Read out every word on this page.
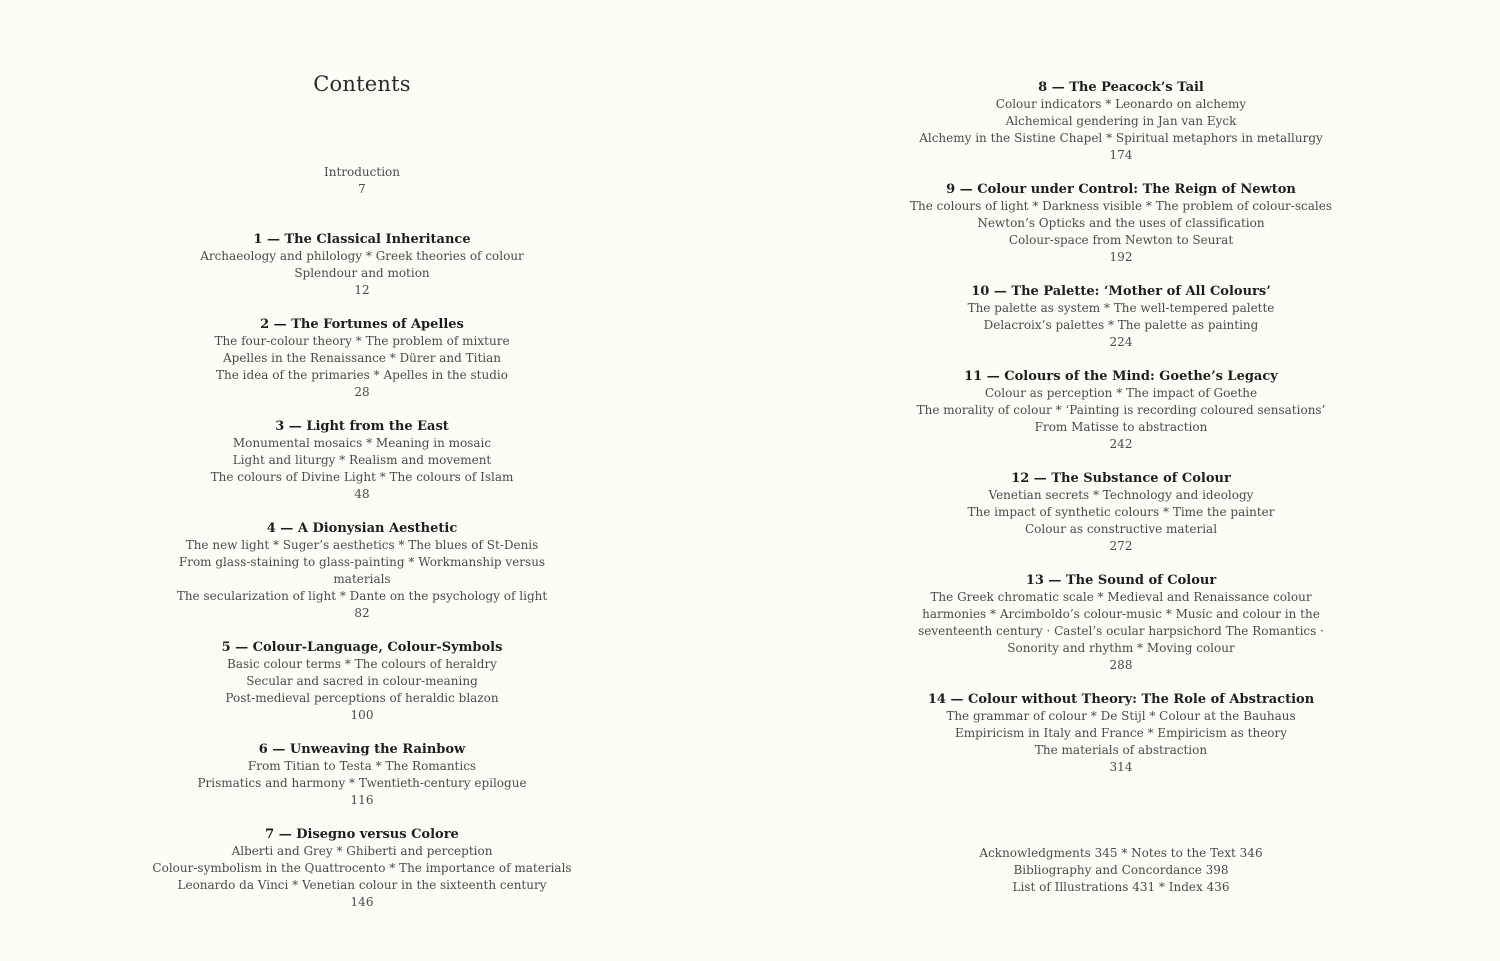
Contents
Introduction
7
1 — The Classical Inheritance
Archaeology and philology * Greek theories of colour
Splendour and motion
12
2 — The Fortunes of Apelles
The four-colour theory * The problem of mixture
Apelles in the Renaissance * Dürer and Titian
The idea of the primaries * Apelles in the studio
28
3 — Light from the East
Monumental mosaics * Meaning in mosaic
Light and liturgy * Realism and movement
The colours of Divine Light * The colours of Islam
48
4 — A Dionysian Aesthetic
The new light * Suger’s aesthetics * The blues of St-Denis
From glass-staining to glass-painting * Workmanship versus materials
The secularization of light * Dante on the psychology of light
82
5 — Colour-Language, Colour-Symbols
Basic colour terms * The colours of heraldry
Secular and sacred in colour-meaning
Post-medieval perceptions of heraldic blazon
100
6 — Unweaving the Rainbow
From Titian to Testa * The Romantics
Prismatics and harmony * Twentieth-century epilogue
116
7 — Disegno versus Colore
Alberti and Grey * Ghiberti and perception
Colour-symbolism in the Quattrocento * The importance of materials
Leonardo da Vinci * Venetian colour in the sixteenth century
146
8 — The Peacock’s Tail
Colour indicators * Leonardo on alchemy
Alchemical gendering in Jan van Eyck
Alchemy in the Sistine Chapel * Spiritual metaphors in metallurgy
174
9 — Colour under Control: The Reign of Newton
The colours of light * Darkness visible * The problem of colour-scales
Newton’s Opticks and the uses of classification
Colour-space from Newton to Seurat
192
10 — The Palette: ‘Mother of All Colours’
The palette as system * The well-tempered palette
Delacroix’s palettes * The palette as painting
224
11 — Colours of the Mind: Goethe’s Legacy
Colour as perception * The impact of Goethe
The morality of colour * ‘Painting is recording coloured sensations’
From Matisse to abstraction
242
12 — The Substance of Colour
Venetian secrets * Technology and ideology
The impact of synthetic colours * Time the painter
Colour as constructive material
272
13 — The Sound of Colour
The Greek chromatic scale * Medieval and Renaissance colour
harmonies * Arcimboldo’s colour-music * Music and colour in the
seventeenth century · Castel’s ocular harpsichord The Romantics ·
Sonority and rhythm * Moving colour
288
14 — Colour without Theory: The Role of Abstraction
The grammar of colour * De Stijl * Colour at the Bauhaus
Empiricism in Italy and France * Empiricism as theory
The materials of abstraction
314
Acknowledgments 345 * Notes to the Text 346
Bibliography and Concordance 398
List of Illustrations 431 * Index 436
